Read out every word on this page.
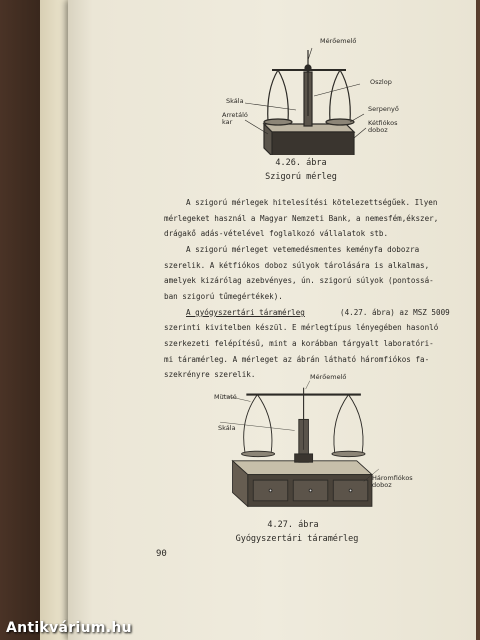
Mérőemelő
Oszlop
Skála
Arretáló
kar
Serpenyő
Kétfiókos
doboz
4.26. ábra
Szigorú mérleg
A szigorú mérlegek hitelesítési kötelezettségűek. Ilyen
mérlegeket használ a Magyar Nemzeti Bank, a nemesfém,ékszer,
drágakő adás-vételével foglalkozó vállalatok stb.
A szigorú mérleget vetemedésmentes keményfa dobozra
szerelik. A kétfiókos doboz súlyok tárolására is alkalmas,
amelyek kizárólag azebvényes, ún. szigorú súlyok (pontossá-
ban szigorú tűmegértékek).
A gyógyszertári táramérleg	(4.27. ábra) az MSZ 5009
szerinti kivitelben készül. E mérlegtípus lényegében hasonló
szerkezeti felépítésű, mint a korábban tárgyalt laboratóri-
mi táramérleg. A mérleget az ábrán látható háromfiókos fa-
szekrényre szerelik.	Mérőemelő
Mutató
Skála
Háromfiókos
doboz
4.27. ábra
Gyógyszertári táramérleg
90
Antikvárium.hu
